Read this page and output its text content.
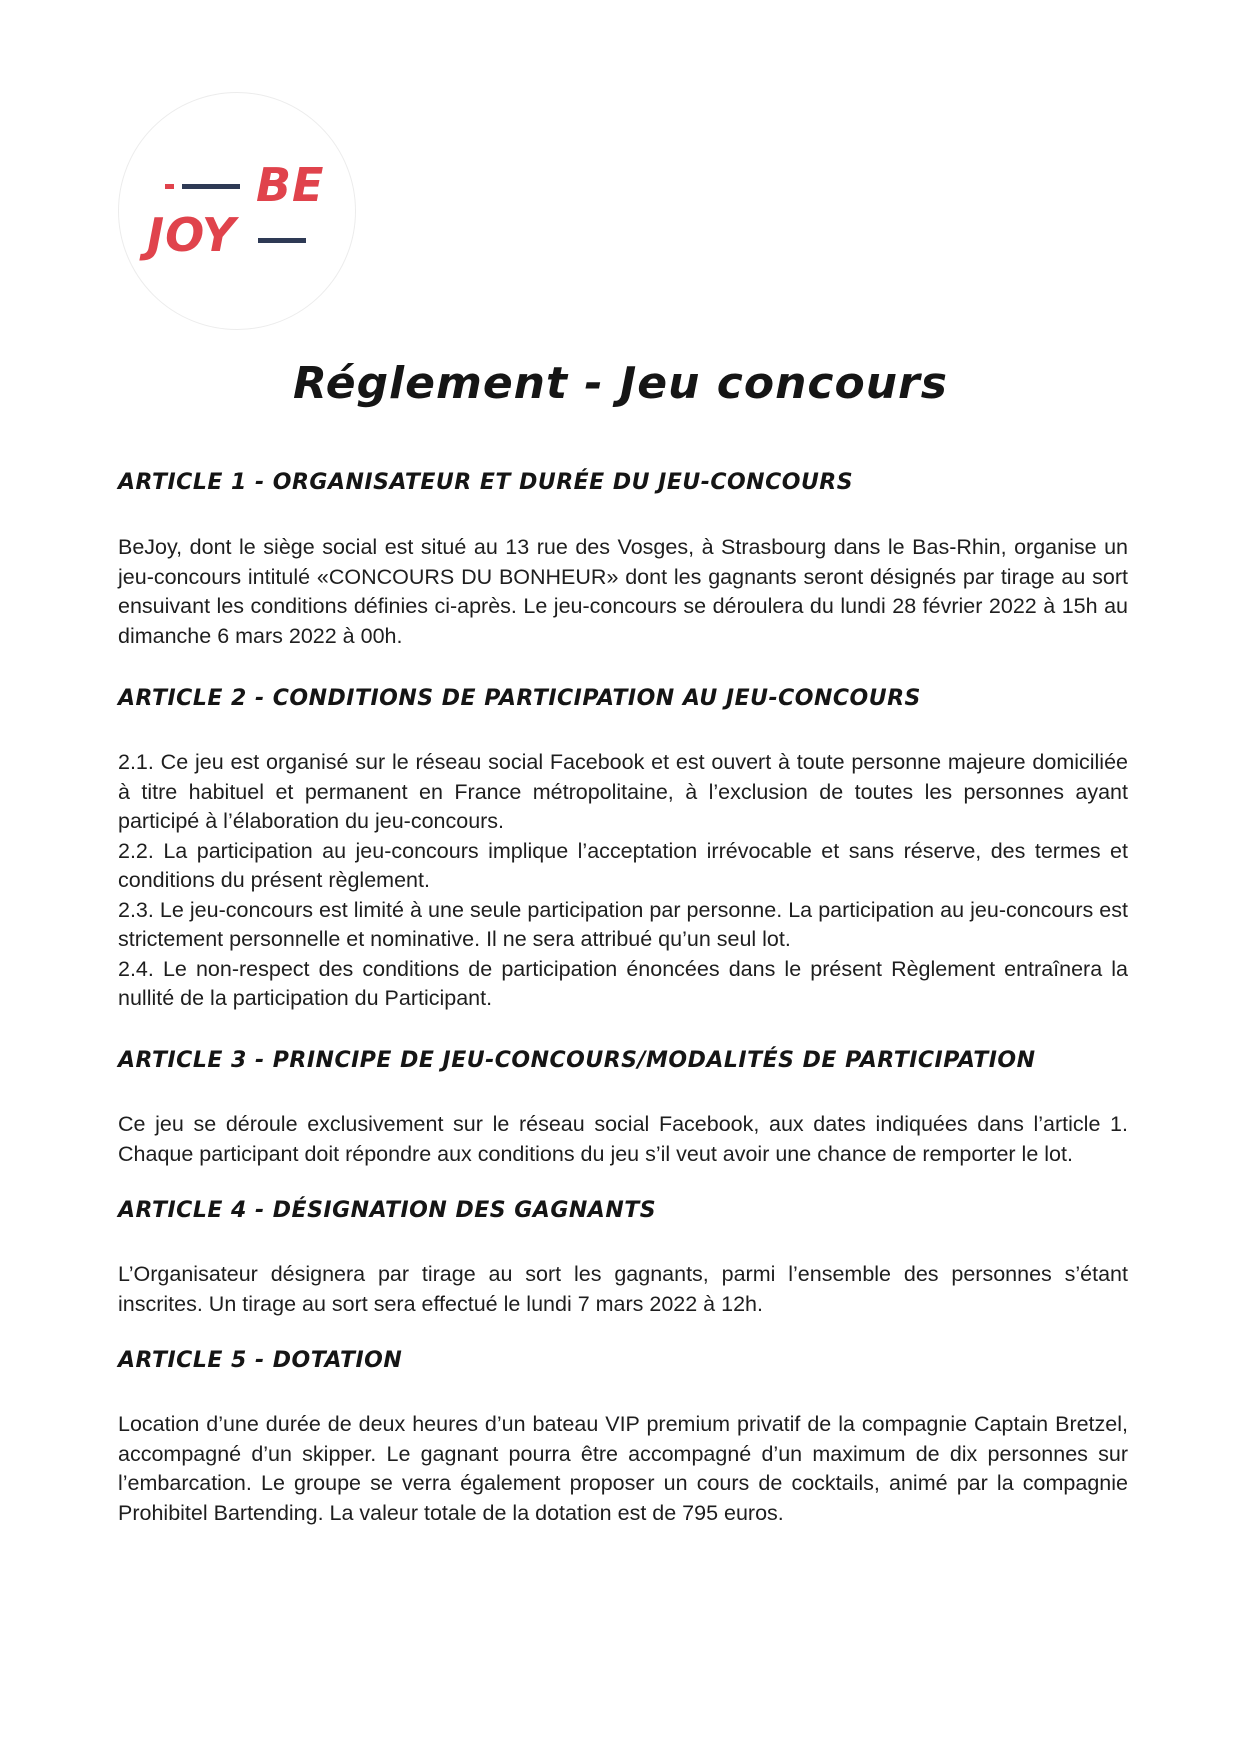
BE
JOY
Réglement - Jeu concours
ARTICLE 1 - ORGANISATEUR ET DURÉE DU JEU-CONCOURS

BeJoy, dont le siège social est situé au 13 rue des Vosges, à Strasbourg dans le Bas-Rhin, organise un jeu-concours intitulé «CONCOURS DU BONHEUR» dont les gagnants seront désignés par tirage au sort ensuivant les conditions définies ci-après. Le jeu-concours se déroulera du lundi 28 février 2022 à 15h au dimanche 6 mars 2022 à 00h.

ARTICLE 2 - CONDITIONS DE PARTICIPATION AU JEU-CONCOURS

2.1. Ce jeu est organisé sur le réseau social Facebook et est ouvert à toute personne majeure domiciliée à titre habituel et permanent en France métropolitaine, à l’exclusion de toutes les personnes ayant participé à l’élaboration du jeu-concours.

2.2. La participation au jeu-concours implique l’acceptation irrévocable et sans réserve, des termes et conditions du présent règlement.

2.3. Le jeu-concours est limité à une seule participation par personne. La participation au jeu-concours est strictement personnelle et nominative. Il ne sera attribué qu’un seul lot.

2.4. Le non-respect des conditions de participation énoncées dans le présent Règlement entraînera la nullité de la participation du Participant.

ARTICLE 3 - PRINCIPE DE JEU-CONCOURS/MODALITÉS DE PARTICIPATION

Ce jeu se déroule exclusivement sur le réseau social Facebook, aux dates indiquées dans l’article 1. Chaque participant doit répondre aux conditions du jeu s’il veut avoir une chance de remporter le lot.

ARTICLE 4 - DÉSIGNATION DES GAGNANTS

L’Organisateur désignera par tirage au sort les gagnants, parmi l’ensemble des personnes s’étant inscrites. Un tirage au sort sera effectué le lundi 7 mars 2022 à 12h.

ARTICLE 5 - DOTATION

Location d’une durée de deux heures d’un bateau VIP premium privatif de la compagnie Captain Bretzel, accompagné d’un skipper. Le gagnant pourra être accompagné d’un maximum de dix personnes sur l’embarcation. Le groupe se verra également proposer un cours de cocktails, animé par la compagnie Prohibitel Bartending. La valeur totale de la dotation est de 795 euros.
